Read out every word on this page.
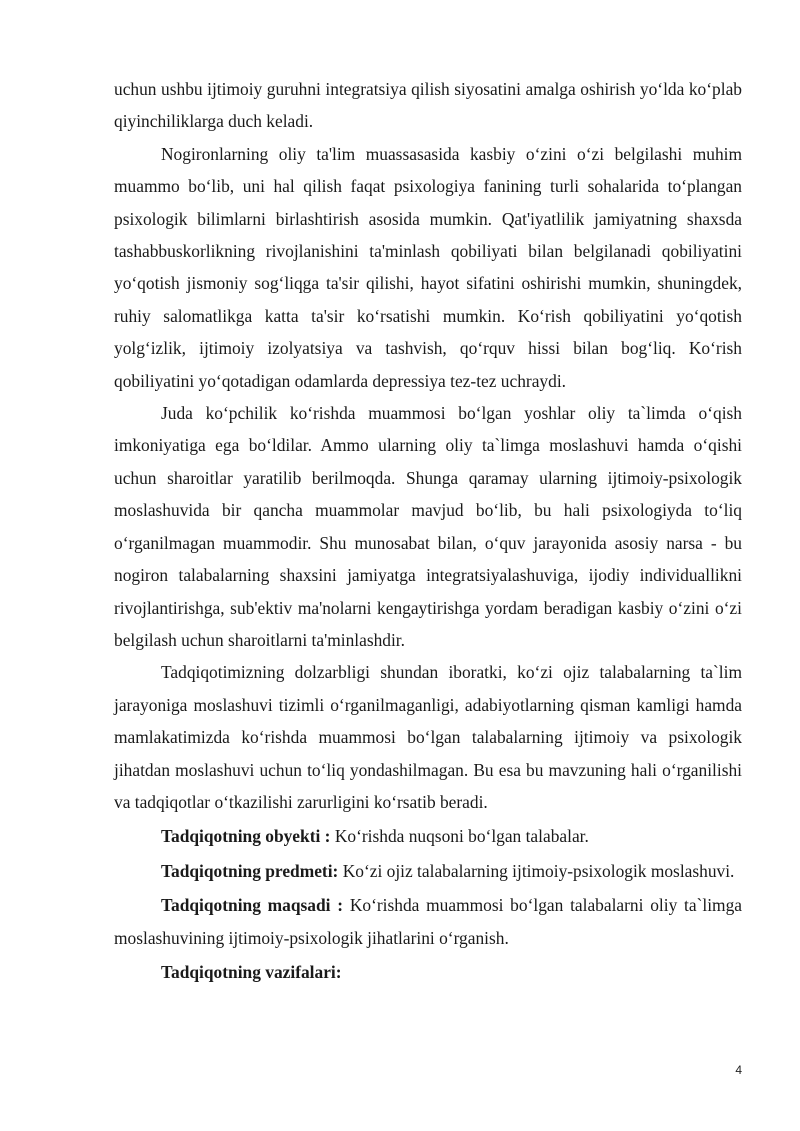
uchun ushbu ijtimoiy guruhni integratsiya qilish siyosatini amalga oshirish yo‘lda ko‘plab qiyinchiliklarga duch keladi.

Nogironlarning oliy ta'lim muassasasida kasbiy o‘zini o‘zi belgilashi muhim muammo bo‘lib, uni hal qilish faqat psixologiya fanining turli sohalarida to‘plangan psixologik bilimlarni birlashtirish asosida mumkin. Qat'iyatlilik jamiyatning shaxsda tashabbuskorlikning rivojlanishini ta'minlash qobiliyati bilan belgilanadi qobiliyatini yo‘qotish jismoniy sog‘liqga ta'sir qilishi, hayot sifatini oshirishi mumkin, shuningdek, ruhiy salomatlikga katta ta'sir ko‘rsatishi mumkin. Ko‘rish qobiliyatini yo‘qotish yolg‘izlik, ijtimoiy izolyatsiya va tashvish, qo‘rquv hissi bilan bog‘liq. Ko‘rish qobiliyatini yo‘qotadigan odamlarda depressiya tez-tez uchraydi.

Juda ko‘pchilik ko‘rishda muammosi bo‘lgan yoshlar oliy ta`limda o‘qish imkoniyatiga ega bo‘ldilar. Ammo ularning oliy ta`limga moslashuvi hamda o‘qishi uchun sharoitlar yaratilib berilmoqda. Shunga qaramay ularning ijtimoiy-psixologik moslashuvida bir qancha muammolar mavjud bo‘lib, bu hali psixologiyda to‘liq o‘rganilmagan muammodir. Shu munosabat bilan, o‘quv jarayonida asosiy narsa - bu nogiron talabalarning shaxsini jamiyatga integratsiyalashuviga, ijodiy individuallikni rivojlantirishga, sub'ektiv ma'nolarni kengaytirishga yordam beradigan kasbiy o‘zini o‘zi belgilash uchun sharoitlarni ta'minlashdir.

Tadqiqotimizning dolzarbligi shundan iboratki, ko‘zi ojiz talabalarning ta`lim jarayoniga moslashuvi tizimli o‘rganilmaganligi, adabiyotlarning qisman kamligi hamda mamlakatimizda ko‘rishda muammosi bo‘lgan talabalarning ijtimoiy va psixologik jihatdan moslashuvi uchun to‘liq yondashilmagan. Bu esa bu mavzuning hali o‘rganilishi va tadqiqotlar o‘tkazilishi zarurligini ko‘rsatib beradi.

Tadqiqotning obyekti : Ko‘rishda nuqsoni bo‘lgan talabalar.

Tadqiqotning predmeti: Ko‘zi ojiz talabalarning ijtimoiy-psixologik moslashuvi.

Tadqiqotning maqsadi : Ko‘rishda muammosi bo‘lgan talabalarni oliy ta`limga moslashuvining ijtimoiy-psixologik jihatlarini o‘rganish.

Tadqiqotning vazifalari:

4
